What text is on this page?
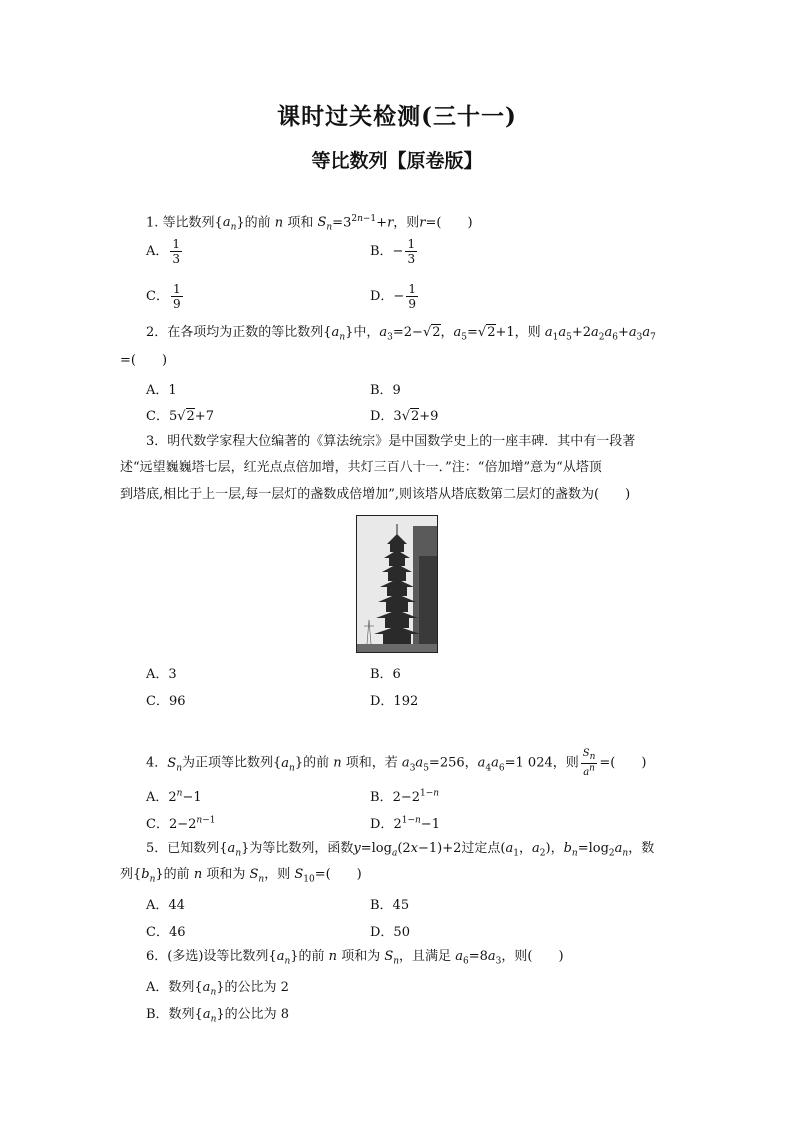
课时过关检测(三十一)
等比数列【原卷版】
1. 等比数列$\{a_n\}$的前 n 项和 $S_n=3^{2n-1}+r$，则r=(　　)
A． $\frac{1}{3}$	B．− $\frac{1}{3}$
C． $\frac{1}{9}$	D．− $\frac{1}{9}$
2．在各项均为正数的等比数列$\{a_n\}$中，$a_3=2-√2$，$a_5=√2+1$，则 $a_1a_5+2a_2a_6+a_3a_7$
=(　　)
A．1	B．9
C．5√2+7	D．3√2+9
3．明代数学家程大位编著的《算法统宗》是中国数学史上的一座丰碑．其中有一段著
述“远望巍巍塔七层，红光点点倍加增，共灯三百八十一．”注：“倍加增”意为“从塔顶
到塔底,相比于上一层,每一层灯的盏数成倍增加”,则该塔从塔底数第二层灯的盏数为(　　)
A．3	B．6
C．96	D．192
4．$S_n$为正项等比数列$\{a_n\}$的前 n 项和，若 $a_3a_5=256$，$a_4a_6=1$ 024，则 $\frac{S_n}{a^n}$ =(　　)
A．$2^n-1$	B．$2-2^{1-n}$
C．$2-2^{n-1}$	D．$2^{1-n}-1$
5．已知数列$\{a_n\}$为等比数列，函数$y=\log_a(2x-1)+2$过定点($a_1$，$a_2$)，$b_n=\log_2a_n$，数
列$\{b_n\}$的前 n 项和为 $S_n$，则 $S_{10}=$(　　)
A．44	B．45
C．46	D．50
6．(多选)设等比数列$\{a_n\}$的前 n 项和为 $S_n$，且满足 $a_6=8a_3$，则(　　)
A．数列$\{a_n\}$的公比为 2
B．数列$\{a_n\}$的公比为 8
